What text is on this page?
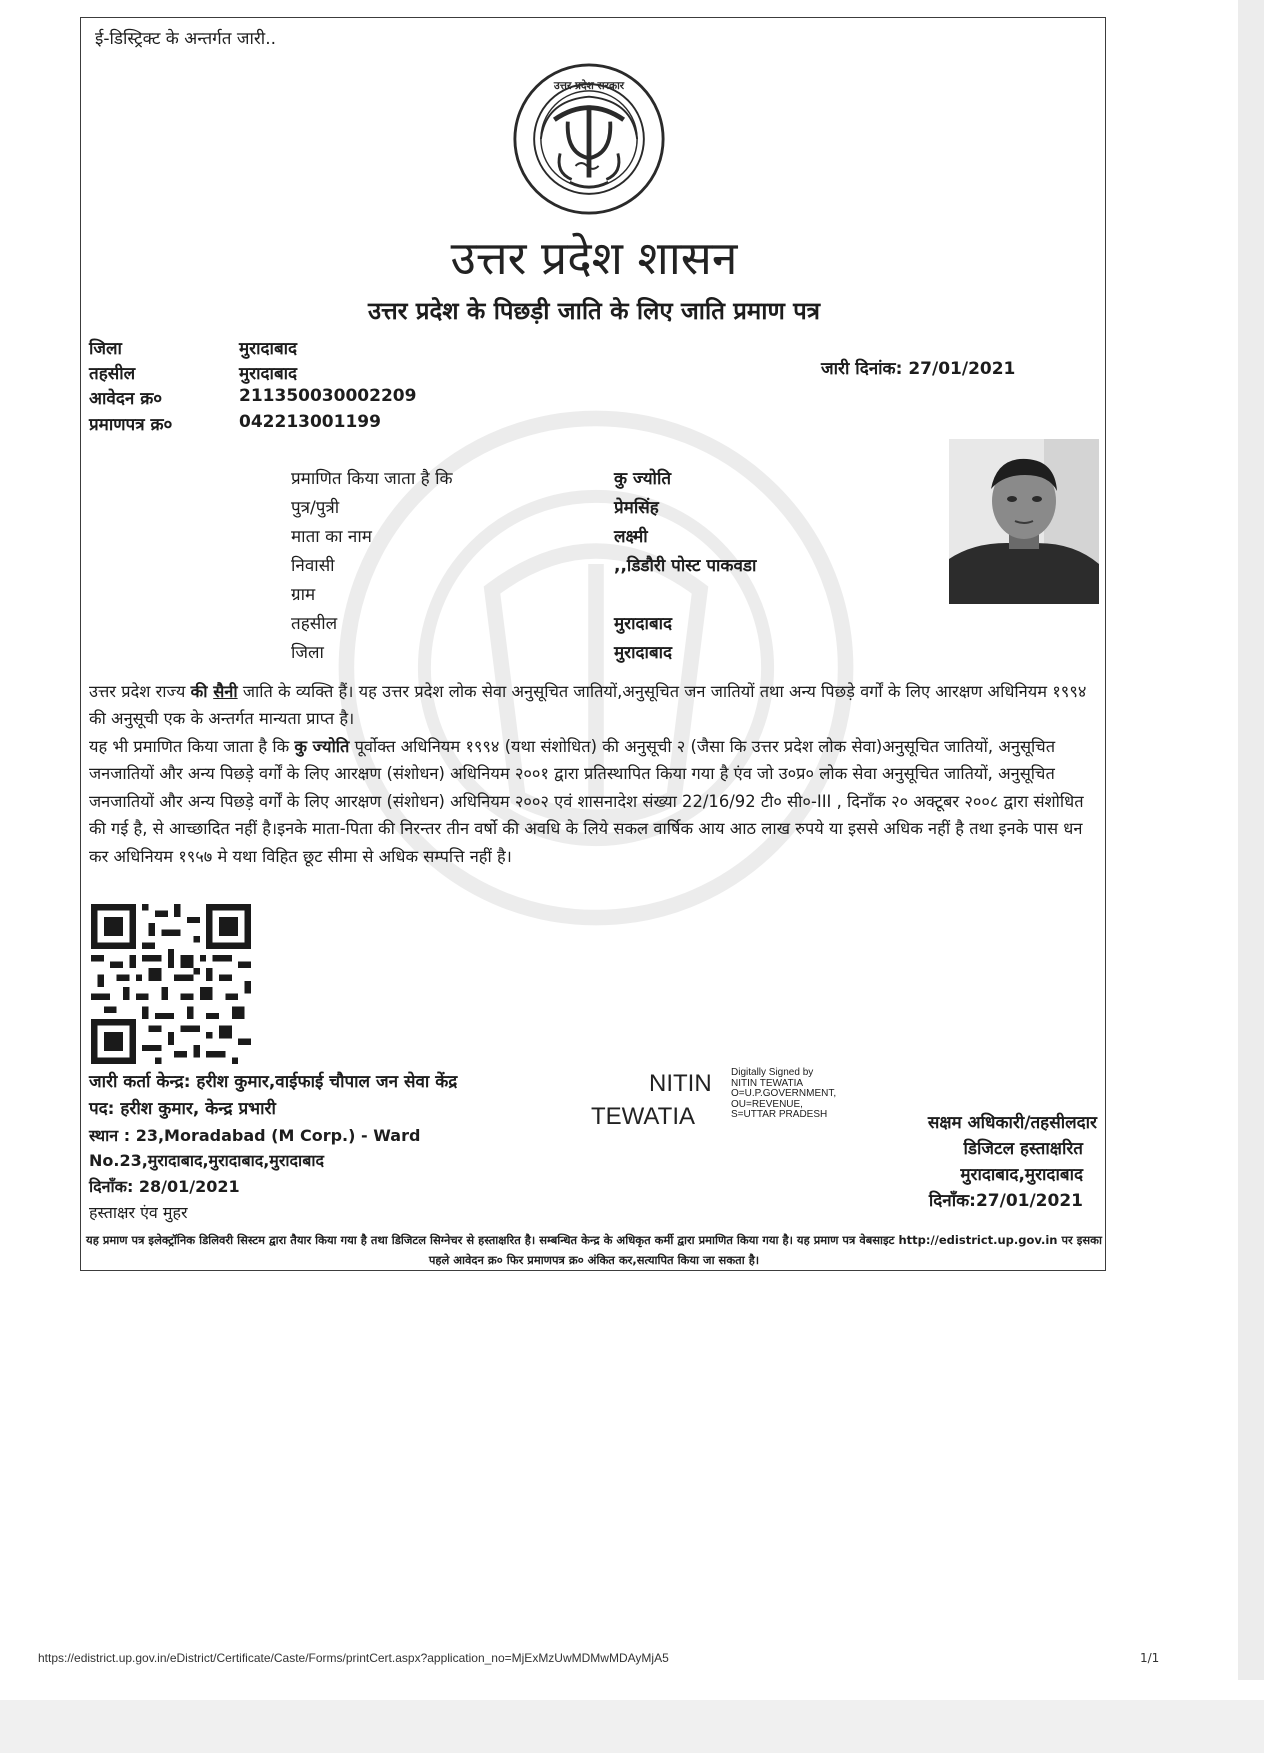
ई-डिस्ट्रिक्ट के अन्तर्गत जारी..
उत्तर प्रदेश सरकार
उत्तर प्रदेश शासन
उत्तर प्रदेश के पिछड़ी जाति के लिए जाति प्रमाण पत्र
जिला	मुरादाबाद
तहसील	मुरादाबाद
आवेदन क्र०	211350030002209
प्रमाणपत्र क्र०	042213001199
जारी दिनांक: 27/01/2021
प्रमाणित किया जाता है कि	कु ज्योति
पुत्र/पुत्री	प्रेमसिंह
माता का नाम	लक्ष्मी
निवासी	,,डिडौरी पोस्ट पाकवडा
ग्राम
तहसील	मुरादाबाद
जिला	मुरादाबाद

उत्तर प्रदेश राज्य की सैनी जाति के व्यक्ति हैं। यह उत्तर प्रदेश लोक सेवा अनुसूचित जातियों,अनुसूचित जन जातियों तथा अन्य पिछड़े वर्गों के लिए आरक्षण अधिनियम १९९४ की अनुसूची एक के अन्तर्गत मान्यता प्राप्त है।

यह भी प्रमाणित किया जाता है कि कु ज्योति पूर्वोक्त अधिनियम १९९४ (यथा संशोधित) की अनुसूची २ (जैसा कि उत्तर प्रदेश लोक सेवा)अनुसूचित जातियों, अनुसूचित जनजातियों और अन्य पिछड़े वर्गों के लिए आरक्षण (संशोधन) अधिनियम २००१ द्वारा प्रतिस्थापित किया गया है एंव जो उ०प्र० लोक सेवा अनुसूचित जातियों, अनुसूचित जनजातियों और अन्य पिछड़े वर्गों के लिए आरक्षण (संशोधन) अधिनियम २००२ एवं शासनादेश संख्या 22/16/92 टी० सी०-III , दिनाँक २० अक्टूबर २००८ द्वारा संशोधित की गई है, से आच्छादित नहीं है।इनके माता-पिता की निरन्तर तीन वर्षो की अवधि के लिये सकल वार्षिक आय आठ लाख रुपये या इससे अधिक नहीं है तथा इनके पास धन कर अधिनियम १९५७ मे यथा विहित छूट सीमा से अधिक सम्पत्ति नहीं है।

जारी कर्ता केन्द्र: हरीश कुमार,वाईफाई चौपाल जन सेवा केंद्र
पद: हरीश कुमार, केन्द्र प्रभारी
स्थान : 23,Moradabad (M Corp.) - Ward
No.23,मुरादाबाद,मुरादाबाद,मुरादाबाद
दिनाँक: 28/01/2021
हस्ताक्षर एंव मुहर
NITIN
TEWATIA
Digitally Signed by
NITIN TEWATIA
O=U.P.GOVERNMENT,
OU=REVENUE,
S=UTTAR PRADESH	सक्षम अधिकारी/तहसीलदार
डिजिटल हस्ताक्षरित
मुरादाबाद,मुरादाबाद
दिनाँक:27/01/2021
यह प्रमाण पत्र इलेक्ट्रॉनिक डिलिवरी सिस्टम द्वारा तैयार किया गया है तथा डिजिटल सिग्नेचर से हस्ताक्षरित है। सम्बन्धित केन्द्र के अधिकृत कर्मी द्वारा प्रमाणित किया गया है। यह प्रमाण पत्र वेबसाइट http://edistrict.up.gov.in पर इसका पहले आवेदन क्र० फिर प्रमाणपत्र क्र० अंकित कर,सत्यापित किया जा सकता है।
https://edistrict.up.gov.in/eDistrict/Certificate/Caste/Forms/printCert.aspx?application_no=MjExMzUwMDMwMDAyMjA5	1/1
